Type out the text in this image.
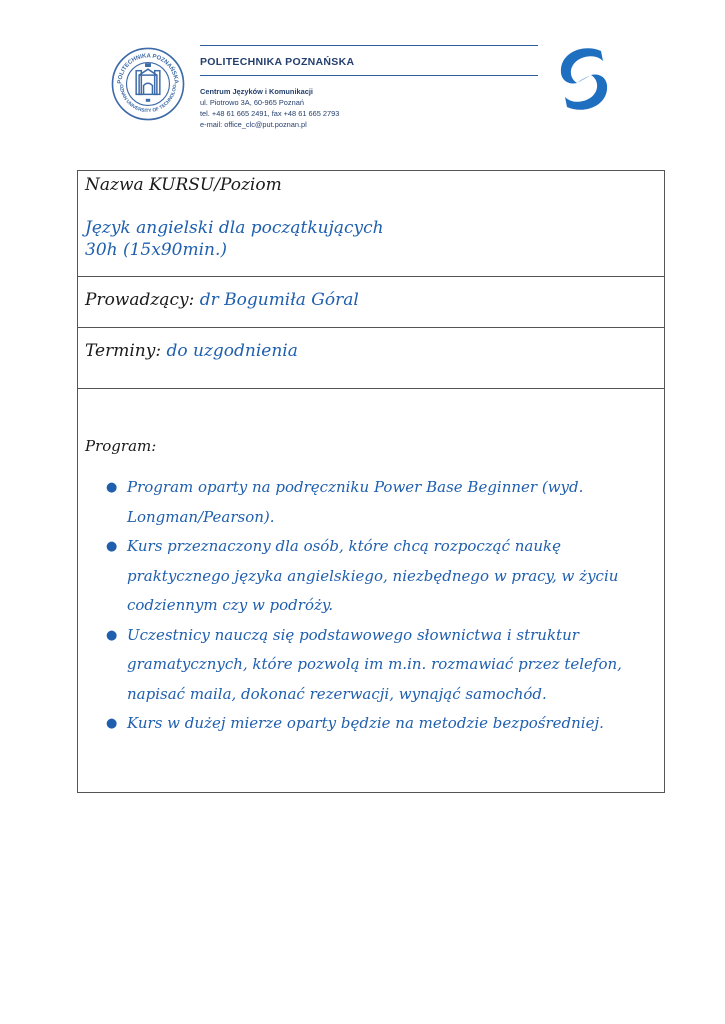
POLITECHNIKA POZNAŃSKA
OZNAN UNIVERSITY OF TECHNOLOG
POLITECHNIKA POZNAŃSKA
Centrum Języków i Komunikacji
ul. Piotrowo 3A, 60-965 Poznań
tel. +48 61 665 2491, fax +48 61 665 2793
e-mail: office_clc@put.poznan.pl
Nazwa KURSU/Poziom
Język angielski dla początkujących
30h (15x90min.)
Prowadzący: dr Bogumiła Góral
Terminy: do uzgodnienia
Program:
● Program oparty na podręczniku Power Base Beginner (wyd. Longman/Pearson).
● Kurs przeznaczony dla osób, które chcą rozpocząć naukę praktycznego języka angielskiego, niezbędnego w pracy, w życiu codziennym czy w podróży.
● Uczestnicy nauczą się podstawowego słownictwa i struktur gramatycznych, które pozwolą im m.in. rozmawiać przez telefon, napisać maila, dokonać rezerwacji, wynająć samochód.
● Kurs w dużej mierze oparty będzie na metodzie bezpośredniej.
